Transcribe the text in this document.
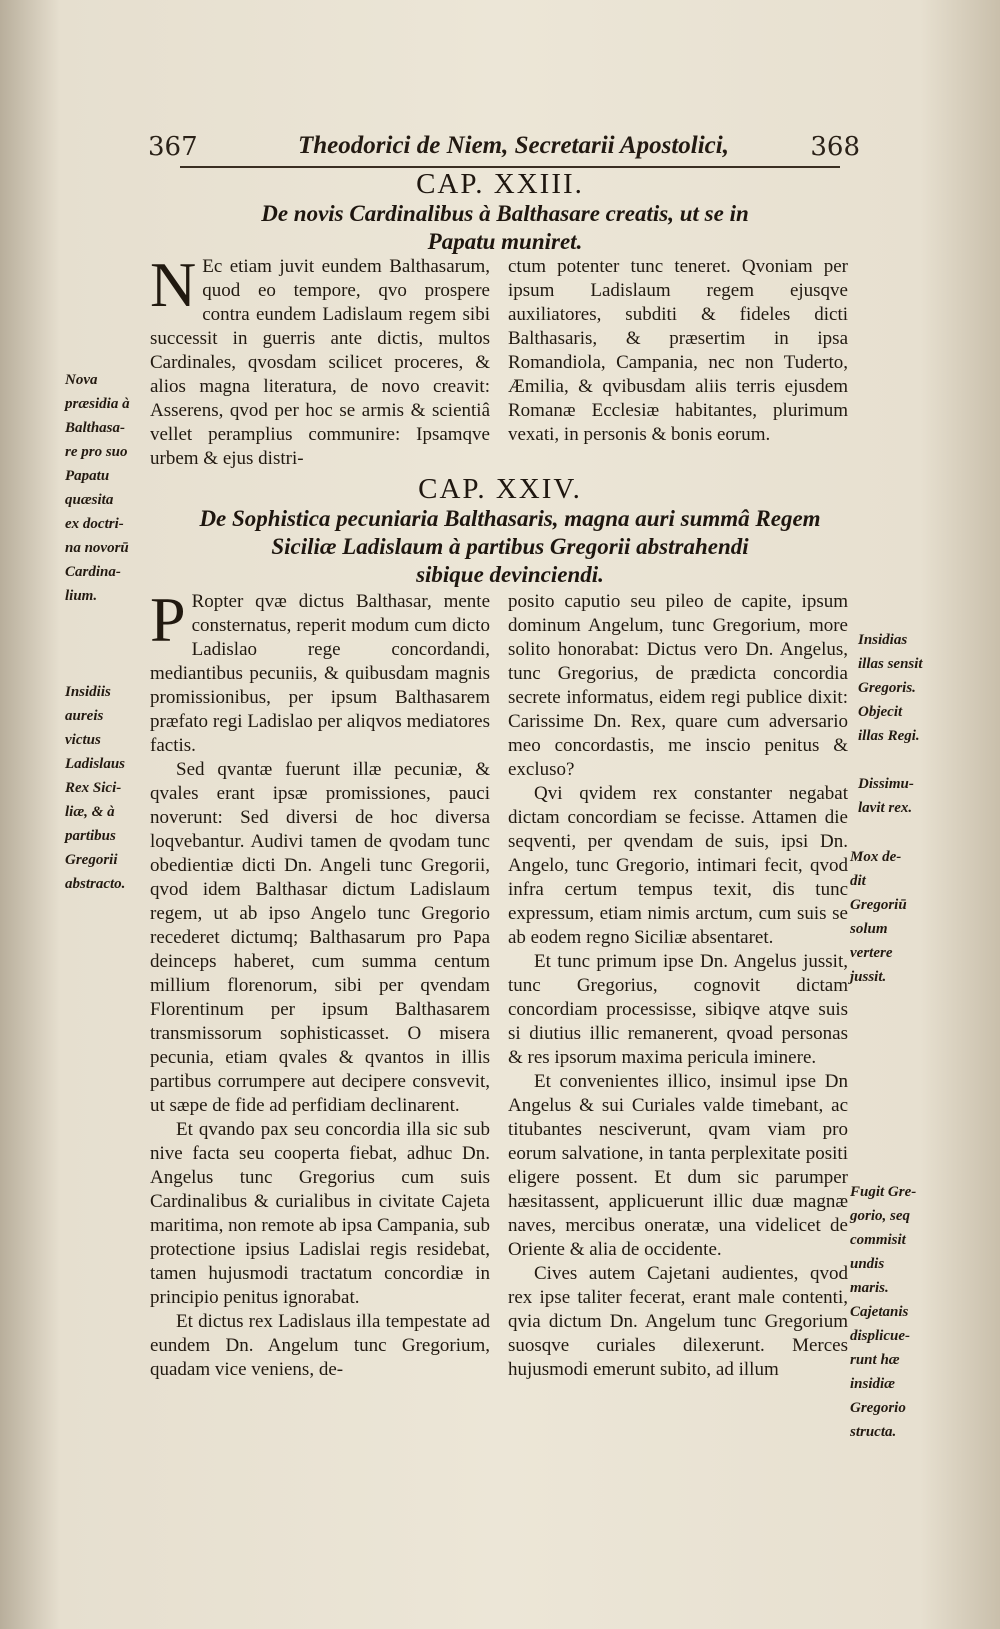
367	Theodorici de Niem, Secretarii Apostolici,	368
CAP. XXIII.
De novis Cardinalibus à Balthasare creatis, ut se in
Papatu muniret.

N Ec etiam juvit eundem Balthasarum, quod eo tempore, qvo prospere contra eundem Ladislaum regem sibi successit in guerris ante dictis, multos Cardinales, qvosdam scilicet proceres, & alios magna literatura, de novo creavit: Asserens, qvod per hoc se armis & scientiâ vellet peramplius communire: Ipsamqve urbem & ejus distri-

ctum potenter tunc teneret. Qvoniam per ipsum Ladislaum regem ejusqve auxiliatores, subditi & fideles dicti Balthasaris, & præsertim in ipsa Romandiola, Campania, nec non Tuderto, Æmilia, & qvibusdam aliis terris ejusdem Romanæ Ecclesiæ habitantes, plurimum vexati, in personis & bonis eorum.

Nova
præsidia à
Balthasa-
re pro suo
Papatu
quæsita
ex doctri-
na novorū
Cardina-
lium.
CAP. XXIV.
De Sophistica pecuniaria Balthasaris, magna auri summâ Regem
Siciliæ Ladislaum à partibus Gregorii abstrahendi
sibique devinciendi.

P Ropter qvæ dictus Balthasar, mente consternatus, reperit modum cum dicto Ladislao rege concordandi, mediantibus pecuniis, & quibusdam magnis promissionibus, per ipsum Balthasarem præfato regi Ladislao per aliqvos mediatores factis.

Sed qvantæ fuerunt illæ pecuniæ, & qvales erant ipsæ promissiones, pauci noverunt: Sed diversi de hoc diversa loqvebantur. Audivi tamen de qvodam tunc obedientiæ dicti Dn. Angeli tunc Gregorii, qvod idem Balthasar dictum Ladislaum regem, ut ab ipso Angelo tunc Gregorio recederet dictumq; Balthasarum pro Papa deinceps haberet, cum summa centum millium florenorum, sibi per qvendam Florentinum per ipsum Balthasarem transmissorum sophisticasset. O misera pecunia, etiam qvales & qvantos in illis partibus corrumpere aut decipere consvevit, ut sæpe de fide ad perfidiam declinarent.

Et qvando pax seu concordia illa sic sub nive facta seu cooperta fiebat, adhuc Dn. Angelus tunc Gregorius cum suis Cardinalibus & curialibus in civitate Cajeta maritima, non remote ab ipsa Campania, sub protectione ipsius Ladislai regis residebat, tamen hujusmodi tractatum concordiæ in principio penitus ignorabat.

Et dictus rex Ladislaus illa tempestate ad eundem Dn. Angelum tunc Gregorium, quadam vice veniens, de-

posito caputio seu pileo de capite, ipsum dominum Angelum, tunc Gregorium, more solito honorabat: Dictus vero Dn. Angelus, tunc Gregorius, de prædicta concordia secrete informatus, eidem regi publice dixit: Carissime Dn. Rex, quare cum adversario meo concordastis, me inscio penitus & excluso?

Qvi qvidem rex constanter negabat dictam concordiam se fecisse. Attamen die seqventi, per qvendam de suis, ipsi Dn. Angelo, tunc Gregorio, intimari fecit, qvod infra certum tempus texit, dis tunc expressum, etiam nimis arctum, cum suis se ab eodem regno Siciliæ absentaret.

Et tunc primum ipse Dn. Angelus jussit, tunc Gregorius, cognovit dictam concordiam processisse, sibiqve atqve suis si diutius illic remanerent, qvoad personas & res ipsorum maxima pericula iminere.

Et convenientes illico, insimul ipse Dn Angelus & sui Curiales valde timebant, ac titubantes nesciverunt, qvam viam pro eorum salvatione, in tanta perplexitate positi eligere possent. Et dum sic parumper hæsitassent, applicuerunt illic duæ magnæ naves, mercibus oneratæ, una videlicet de Oriente & alia de occidente.

Cives autem Cajetani audientes, qvod rex ipse taliter fecerat, erant male contenti, qvia dictum Dn. Angelum tunc Gregorium suosqve curiales dilexerunt. Merces hujusmodi emerunt subito, ad illum

Insidiis
aureis
victus
Ladislaus
Rex Sici-
liæ, & à
partibus
Gregorii
abstracto.
Insidias
illas sensit
Gregoris.
Objecit
illas Regi.
Dissimu-
lavit rex.
Mox de-
dit
Gregoriū
solum
vertere
jussit.
Fugit Gre-
gorio, seq
commisit
undis
maris.
Cajetanis
displicue-
runt hæ
insidiæ
Gregorio
structa.
